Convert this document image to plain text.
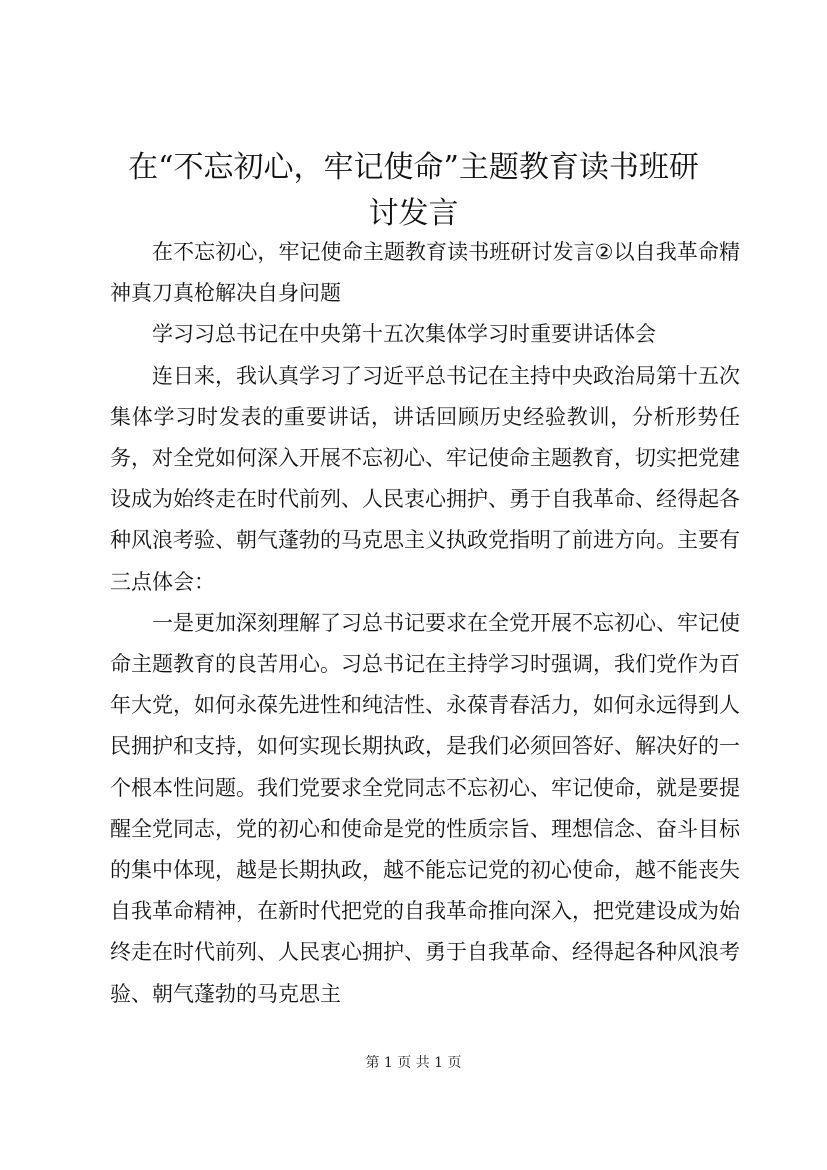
在“不忘初心，牢记使命”主题教育读书班研
讨发言

在不忘初心，牢记使命主题教育读书班研讨发言②以自我革命精神真刀真枪解决自身问题

学习习总书记在中央第十五次集体学习时重要讲话体会

连日来，我认真学习了习近平总书记在主持中央政治局第十五次集体学习时发表的重要讲话，讲话回顾历史经验教训，分析形势任务，对全党如何深入开展不忘初心、牢记使命主题教育，切实把党建设成为始终走在时代前列、人民衷心拥护、勇于自我革命、经得起各种风浪考验、朝气蓬勃的马克思主义执政党指明了前进方向。主要有三点体会：

一是更加深刻理解了习总书记要求在全党开展不忘初心、牢记使命主题教育的良苦用心。习总书记在主持学习时强调，我们党作为百年大党，如何永葆先进性和纯洁性、永葆青春活力，如何永远得到人民拥护和支持，如何实现长期执政，是我们必须回答好、解决好的一个根本性问题。我们党要求全党同志不忘初心、牢记使命，就是要提醒全党同志，党的初心和使命是党的性质宗旨、理想信念、奋斗目标的集中体现，越是长期执政，越不能忘记党的初心使命，越不能丧失自我革命精神，在新时代把党的自我革命推向深入，把党建设成为始终走在时代前列、人民衷心拥护、勇于自我革命、经得起各种风浪考验、朝气蓬勃的马克思主

第 1 页 共 1 页
